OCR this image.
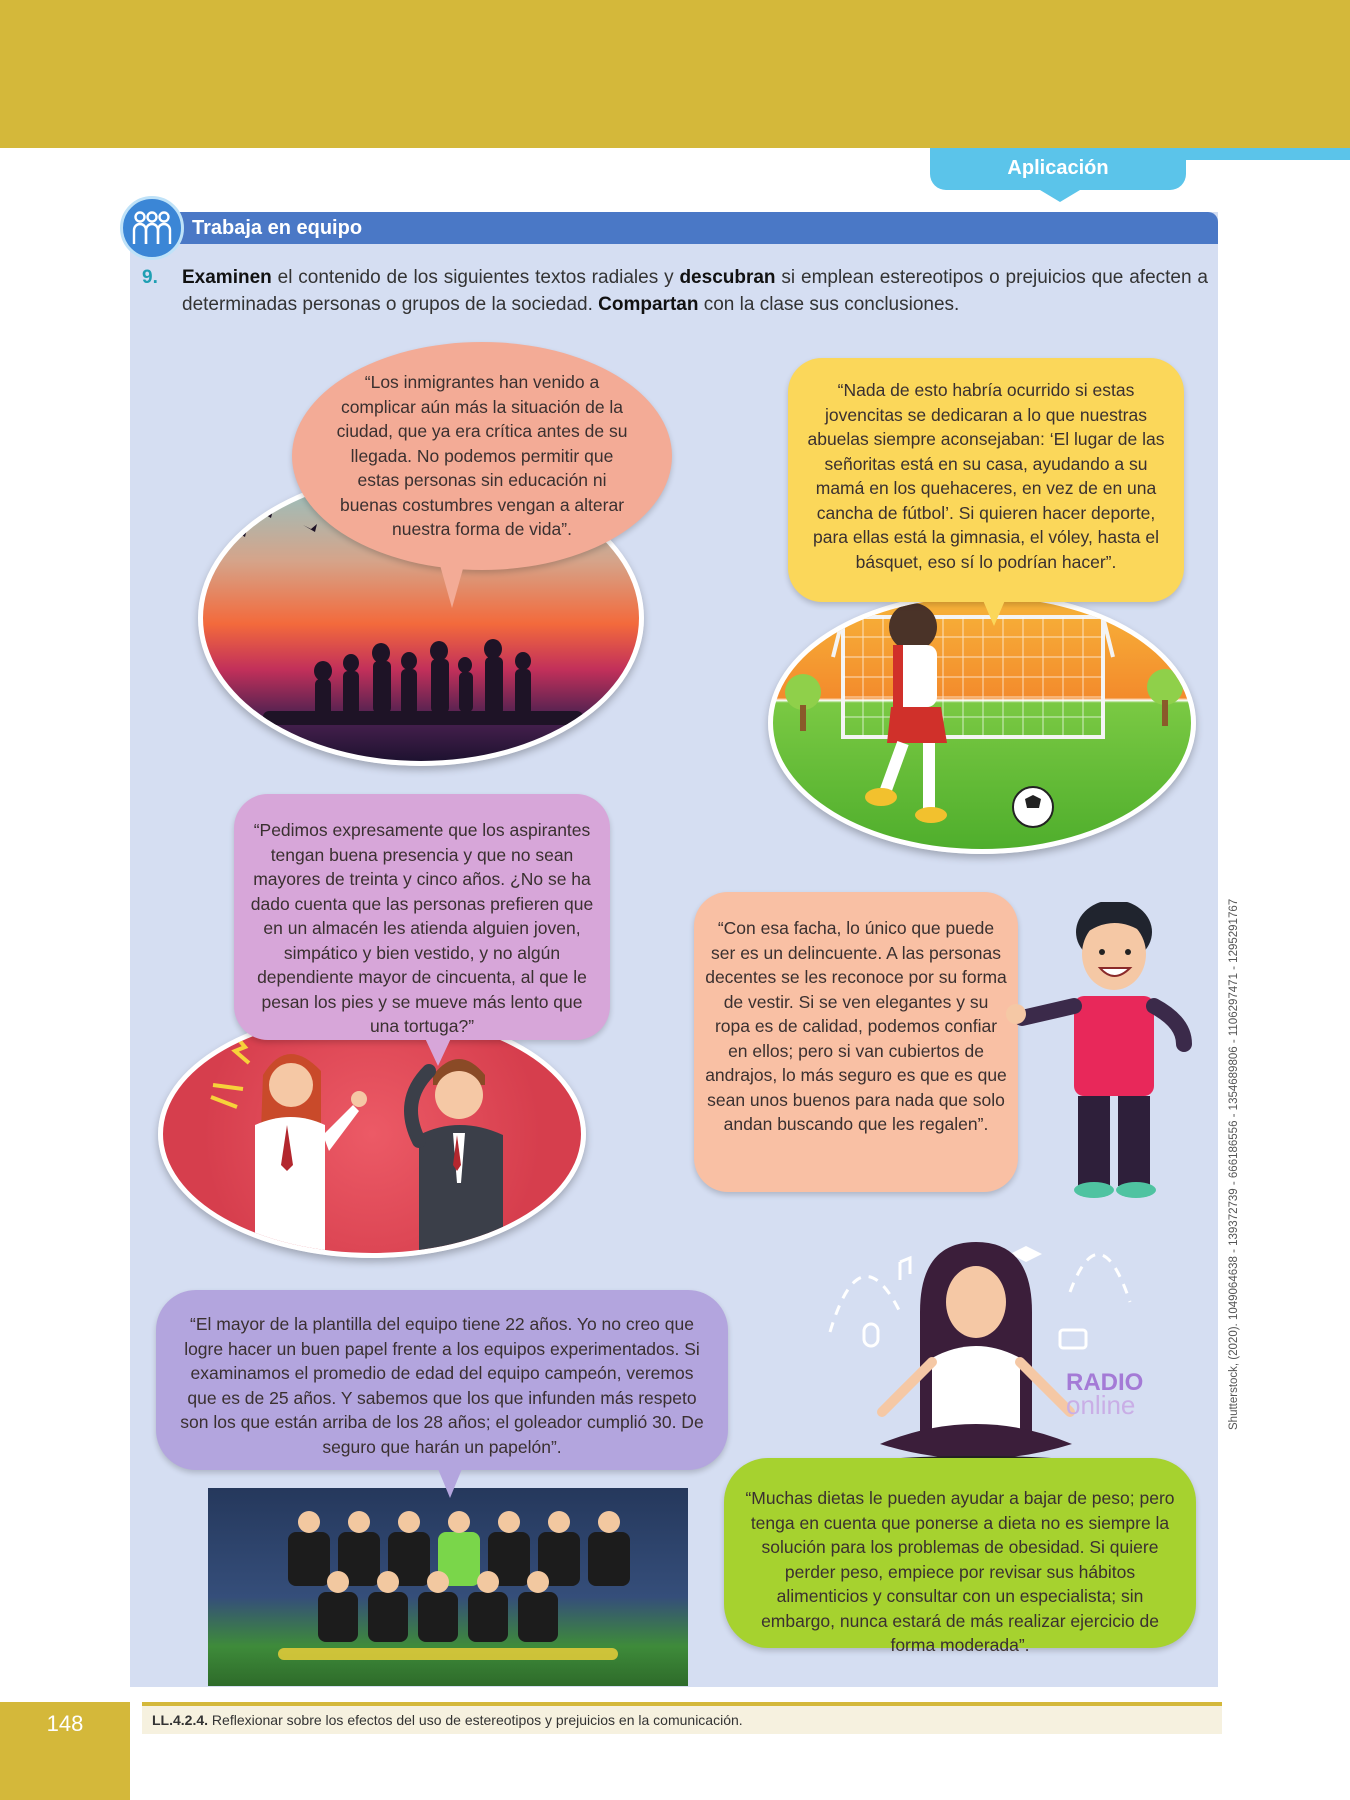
Aplicación
Trabaja en equipo
9. Examinen el contenido de los siguientes textos radiales y descubran si emplean estereotipos o prejuicios que afecten a determinadas personas o grupos de la sociedad. Compartan con la clase sus conclusiones.
“Los inmigrantes han venido a complicar aún más la situación de la ciudad, que ya era crítica antes de su llegada. No podemos permitir que estas personas sin educación ni buenas costumbres vengan a alterar nuestra forma de vida”.
“Nada de esto habría ocurrido si estas jovencitas se dedicaran a lo que nuestras abuelas siempre aconsejaban: ‘El lugar de las señoritas está en su casa, ayudando a su mamá en los quehaceres, en vez de en una cancha de fútbol’. Si quieren hacer deporte, para ellas está la gimnasia, el vóley, hasta el básquet, eso sí lo podrían hacer”.
“Pedimos expresamente que los aspirantes tengan buena presencia y que no sean mayores de treinta y cinco años. ¿No se ha dado cuenta que las personas prefieren que en un almacén les atienda alguien joven, simpático y bien vestido, y no algún dependiente mayor de cincuenta, al que le pesan los pies y se mueve más lento que una tortuga?”
“Con esa facha, lo único que puede ser es un delincuente. A las personas decentes se les reconoce por su forma de vestir. Si se ven elegantes y su ropa es de calidad, podemos confiar en ellos; pero si van cubiertos de andrajos, lo más seguro es que es que sean unos buenos para nada que solo andan buscando que les regalen”.
“El mayor de la plantilla del equipo tiene 22 años. Yo no creo que logre hacer un buen papel frente a los equipos experimentados. Si examinamos el promedio de edad del equipo campeón, veremos que es de 25 años. Y sabemos que los que infunden más respeto son los que están arriba de los 28 años; el goleador cumplió 30. De seguro que harán un papelón”.
RADIO
online
“Muchas dietas le pueden ayudar a bajar de peso; pero tenga en cuenta que ponerse a dieta no es siempre la solución para los problemas de obesidad. Si quiere perder peso, empiece por revisar sus hábitos alimenticios y consultar con un especialista; sin embargo, nunca estará de más realizar ejercicio de forma moderada”.
Shutterstock, (2020). 1049064638 - 139372739 - 666186556 - 1354689806 - 1106297471 - 1295291767
LL.4.2.4. Reflexionar sobre los efectos del uso de estereotipos y prejuicios en la comunicación.
148
